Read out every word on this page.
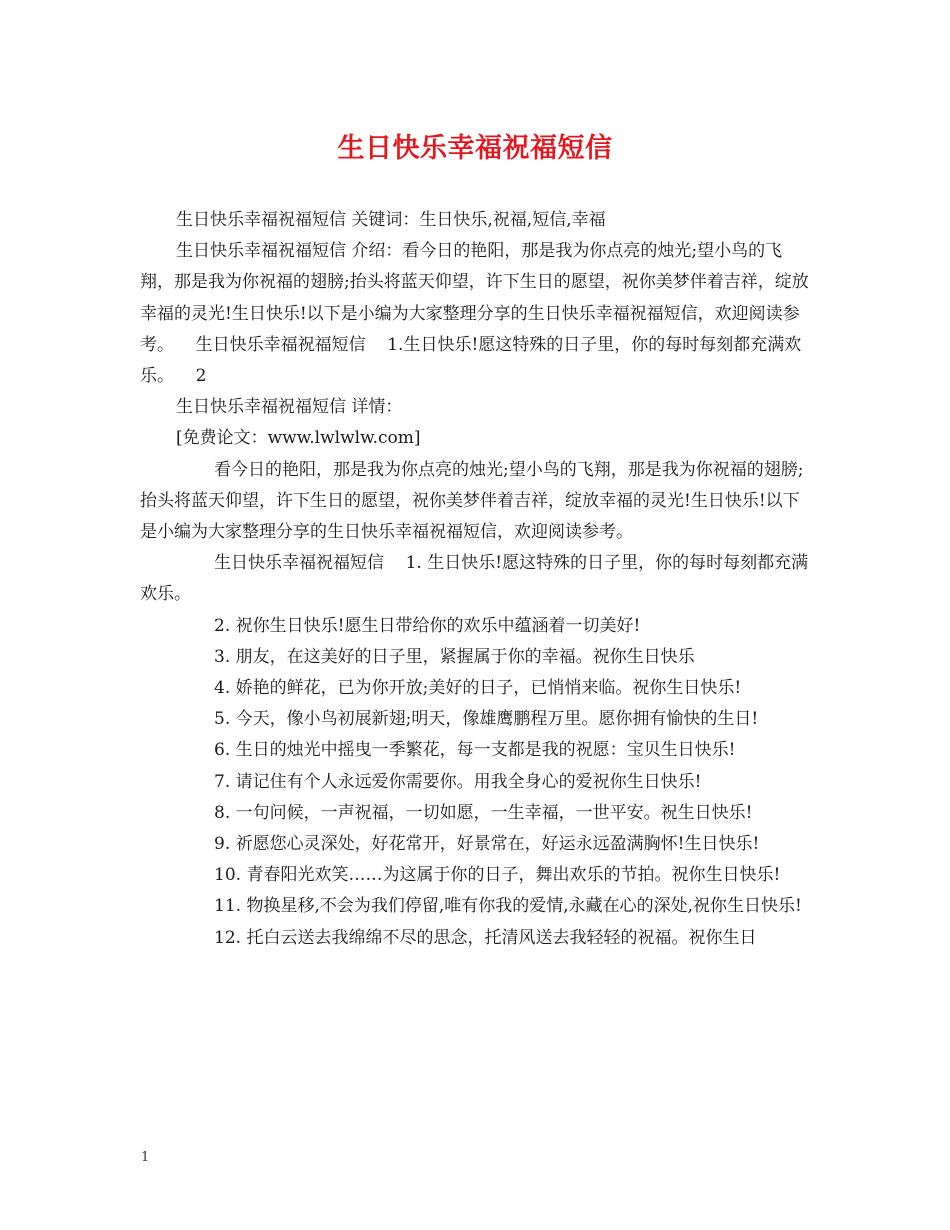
生日快乐幸福祝福短信

生日快乐幸福祝福短信 关键词：生日快乐,祝福,短信,幸福

生日快乐幸福祝福短信 介绍：看今日的艳阳，那是我为你点亮的烛光;望小鸟的飞翔，那是我为你祝福的翅膀;抬头将蓝天仰望，许下生日的愿望，祝你美梦伴着吉祥，绽放幸福的灵光!生日快乐!以下是小编为大家整理分享的生日快乐幸福祝福短信，欢迎阅读参考。    生日快乐幸福祝福短信    1.生日快乐!愿这特殊的日子里，你的每时每刻都充满欢乐。    2

生日快乐幸福祝福短信 详情：

[免费论文：www.lwlwlw.com]

看今日的艳阳，那是我为你点亮的烛光;望小鸟的飞翔，那是我为你祝福的翅膀;抬头将蓝天仰望，许下生日的愿望，祝你美梦伴着吉祥，绽放幸福的灵光!生日快乐!以下是小编为大家整理分享的生日快乐幸福祝福短信，欢迎阅读参考。

生日快乐幸福祝福短信    1. 生日快乐!愿这特殊的日子里，你的每时每刻都充满欢乐。

2. 祝你生日快乐!愿生日带给你的欢乐中蕴涵着一切美好!

3. 朋友，在这美好的日子里，紧握属于你的幸福。祝你生日快乐

4. 娇艳的鲜花，已为你开放;美好的日子，已悄悄来临。祝你生日快乐!

5. 今天，像小鸟初展新翅;明天，像雄鹰鹏程万里。愿你拥有愉快的生日!

6. 生日的烛光中摇曳一季繁花，每一支都是我的祝愿：宝贝生日快乐!

7. 请记住有个人永远爱你需要你。用我全身心的爱祝你生日快乐!

8. 一句问候，一声祝福，一切如愿，一生幸福，一世平安。祝生日快乐!

9. 祈愿您心灵深处，好花常开，好景常在，好运永远盈满胸怀!生日快乐!

10. 青春阳光欢笑……为这属于你的日子，舞出欢乐的节拍。祝你生日快乐!

11. 物换星移,不会为我们停留,唯有你我的爱情,永藏在心的深处,祝你生日快乐!

12. 托白云送去我绵绵不尽的思念，托清风送去我轻轻的祝福。祝你生日

1
